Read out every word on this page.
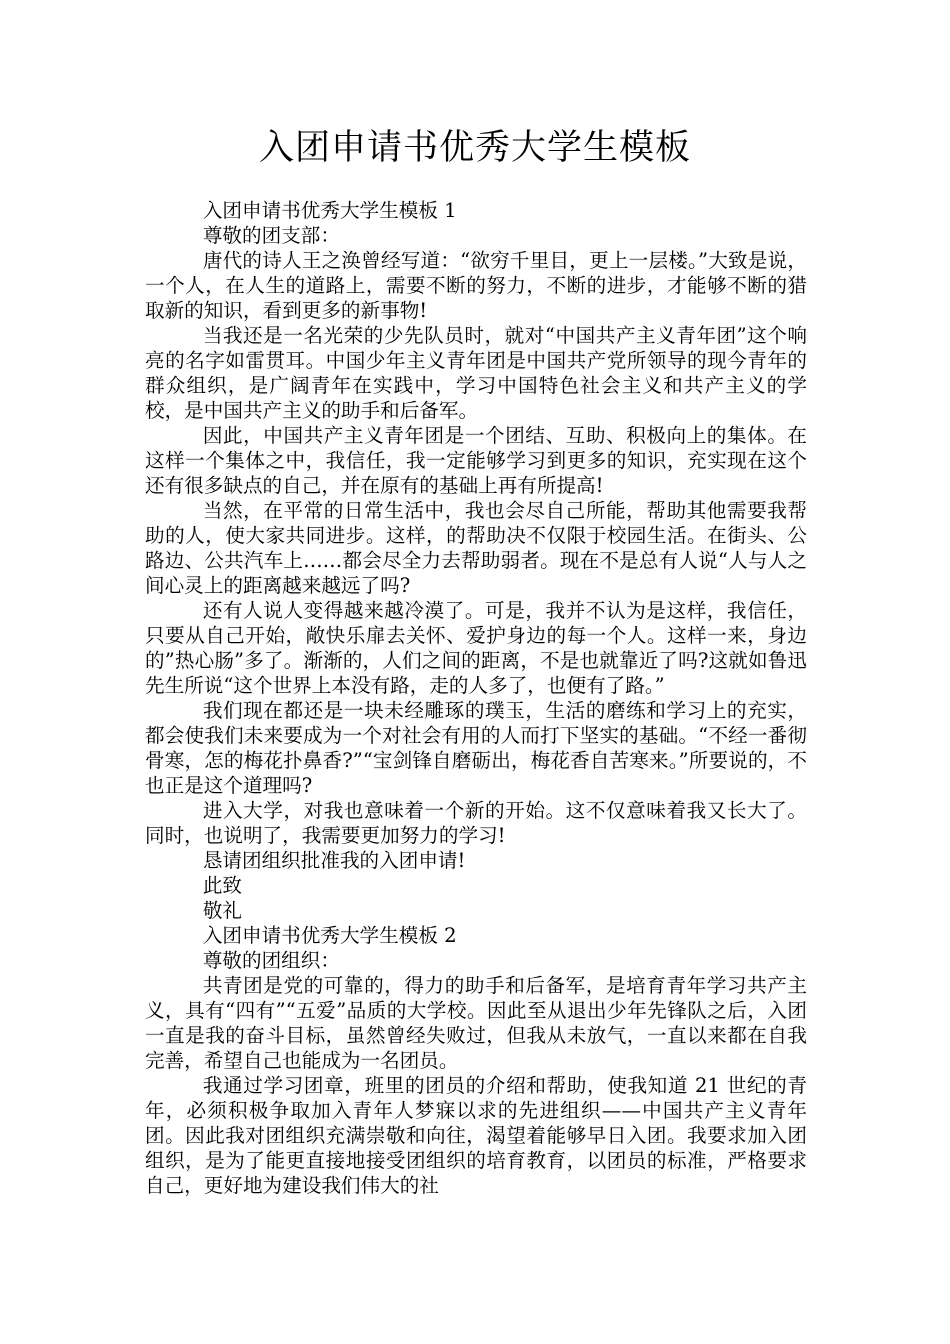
入团申请书优秀大学生模板

入团申请书优秀大学生模板 1

尊敬的团支部：

唐代的诗人王之涣曾经写道：“欲穷千里目，更上一层楼。”大致是说，一个人，在人生的道路上，需要不断的努力，不断的进步，才能够不断的猎取新的知识，看到更多的新事物!

当我还是一名光荣的少先队员时，就对“中国共产主义青年团”这个响亮的名字如雷贯耳。中国少年主义青年团是中国共产党所领导的现今青年的群众组织，是广阔青年在实践中，学习中国特色社会主义和共产主义的学校，是中国共产主义的助手和后备军。

因此，中国共产主义青年团是一个团结、互助、积极向上的集体。在这样一个集体之中，我信任，我一定能够学习到更多的知识，充实现在这个还有很多缺点的自己，并在原有的基础上再有所提高!

当然，在平常的日常生活中，我也会尽自己所能，帮助其他需要我帮助的人，使大家共同进步。这样，的帮助决不仅限于校园生活。在街头、公路边、公共汽车上……都会尽全力去帮助弱者。现在不是总有人说“人与人之间心灵上的距离越来越远了吗?

还有人说人变得越来越冷漠了。可是，我并不认为是这样，我信任，只要从自己开始，敞快乐扉去关怀、爱护身边的每一个人。这样一来，身边的”热心肠”多了。渐渐的，人们之间的距离，不是也就靠近了吗?这就如鲁迅先生所说“这个世界上本没有路，走的人多了，也便有了路。”

我们现在都还是一块未经雕琢的璞玉，生活的磨练和学习上的充实，都会使我们未来要成为一个对社会有用的人而打下坚实的基础。“不经一番彻骨寒，怎的梅花扑鼻香?”“宝剑锋自磨砺出，梅花香自苦寒来。”所要说的，不也正是这个道理吗?

进入大学，对我也意味着一个新的开始。这不仅意味着我又长大了。同时，也说明了，我需要更加努力的学习!

恳请团组织批准我的入团申请!

此致

敬礼

入团申请书优秀大学生模板 2

尊敬的团组织：

共青团是党的可靠的，得力的助手和后备军，是培育青年学习共产主义，具有“四有”“五爱”品质的大学校。因此至从退出少年先锋队之后，入团一直是我的奋斗目标，虽然曾经失败过，但我从未放气，一直以来都在自我完善，希望自己也能成为一名团员。

我通过学习团章，班里的团员的介绍和帮助，使我知道 21 世纪的青年，必须积极争取加入青年人梦寐以求的先进组织——中国共产主义青年团。因此我对团组织充满崇敬和向往，渴望着能够早日入团。我要求加入团组织，是为了能更直接地接受团组织的培育教育，以团员的标准，严格要求自己，更好地为建设我们伟大的社
